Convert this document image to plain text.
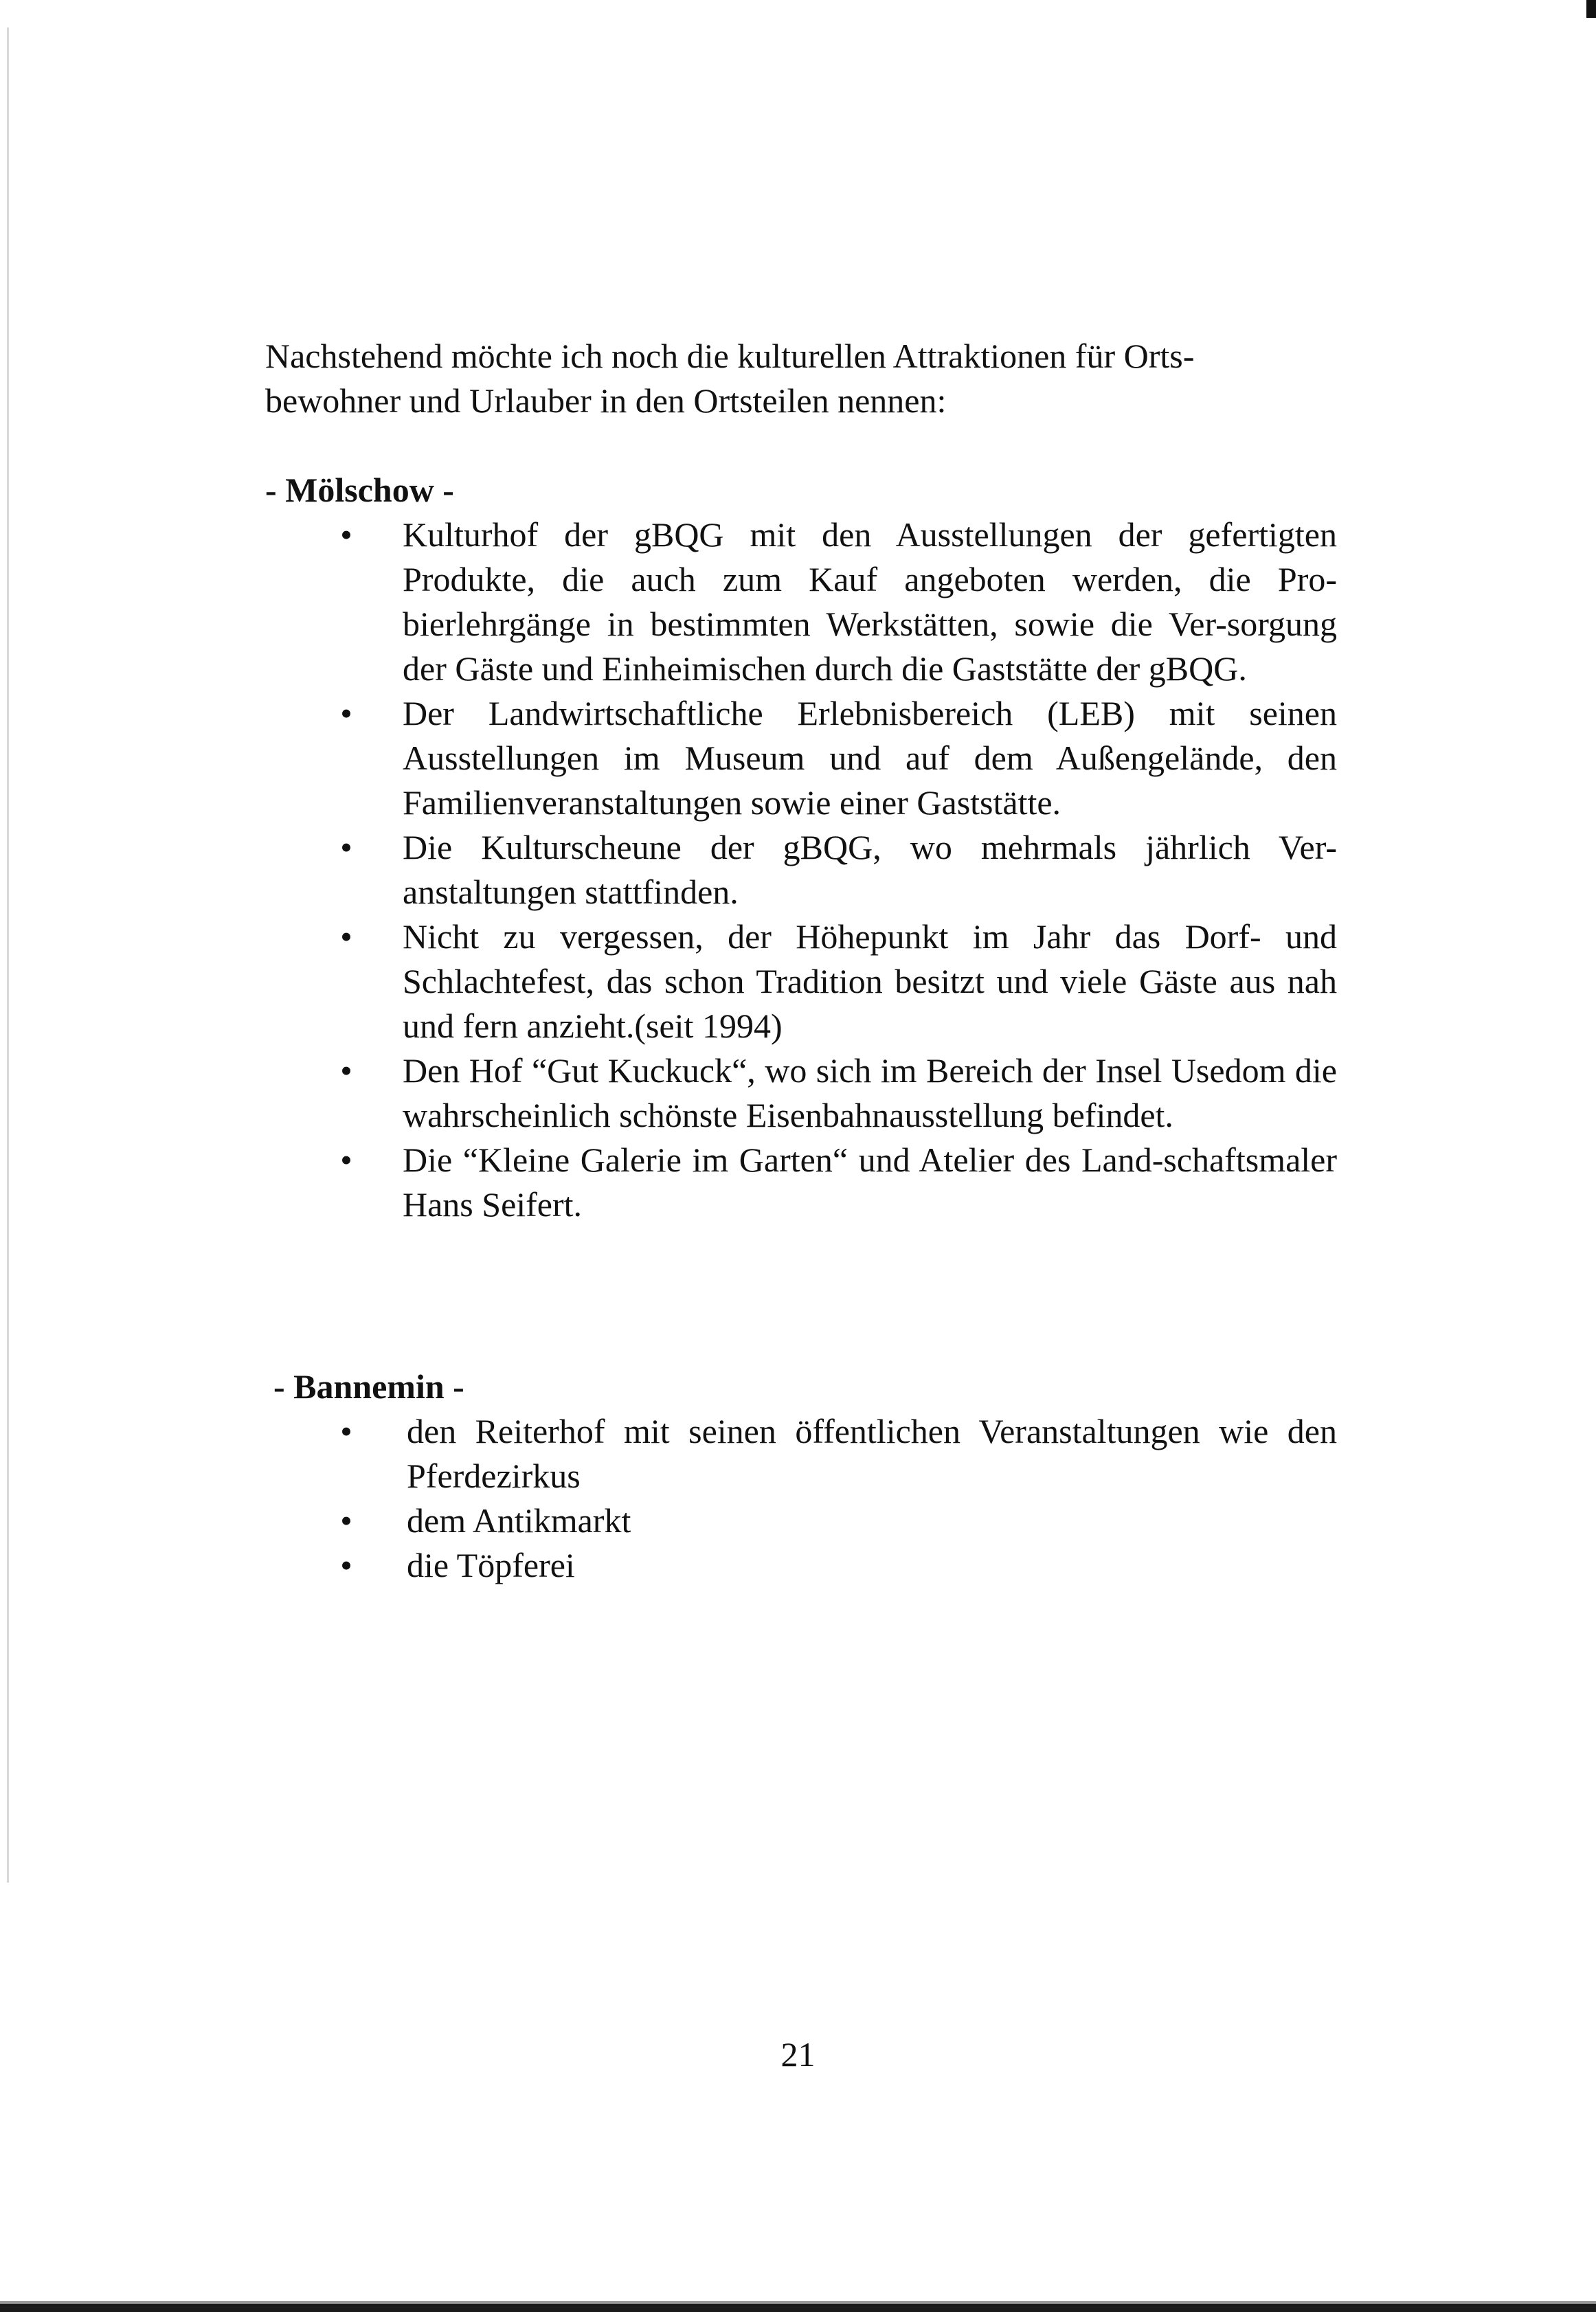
Nachstehend möchte ich noch die kulturellen Attraktionen für Orts-
bewohner und Urlauber in den Ortsteilen nennen:

- Mölschow -
• Kulturhof der gBQG mit den Ausstellungen der gefertigten Produkte, die auch zum Kauf angeboten werden, die Pro-bierlehrgänge in bestimmten Werkstätten, sowie die Ver-sorgung der Gäste und Einheimischen durch die Gaststätte der gBQG.
• Der Landwirtschaftliche Erlebnisbereich (LEB) mit seinen Ausstellungen im Museum und auf dem Außengelände, den Familienveranstaltungen sowie einer Gaststätte.
• Die Kulturscheune der gBQG, wo mehrmals jährlich Ver-anstaltungen stattfinden.
• Nicht zu vergessen, der Höhepunkt im Jahr das Dorf- und Schlachtefest, das schon Tradition besitzt und viele Gäste aus nah und fern anzieht.(seit 1994)
• Den Hof “Gut Kuckuck“, wo sich im Bereich der Insel Usedom die wahrscheinlich schönste Eisenbahnausstellung befindet.
• Die “Kleine Galerie im Garten“ und Atelier des Land-schaftsmaler Hans Seifert.
- Bannemin -
• den Reiterhof mit seinen öffentlichen Veranstaltungen wie den Pferdezirkus
• dem Antikmarkt
• die Töpferei
21
